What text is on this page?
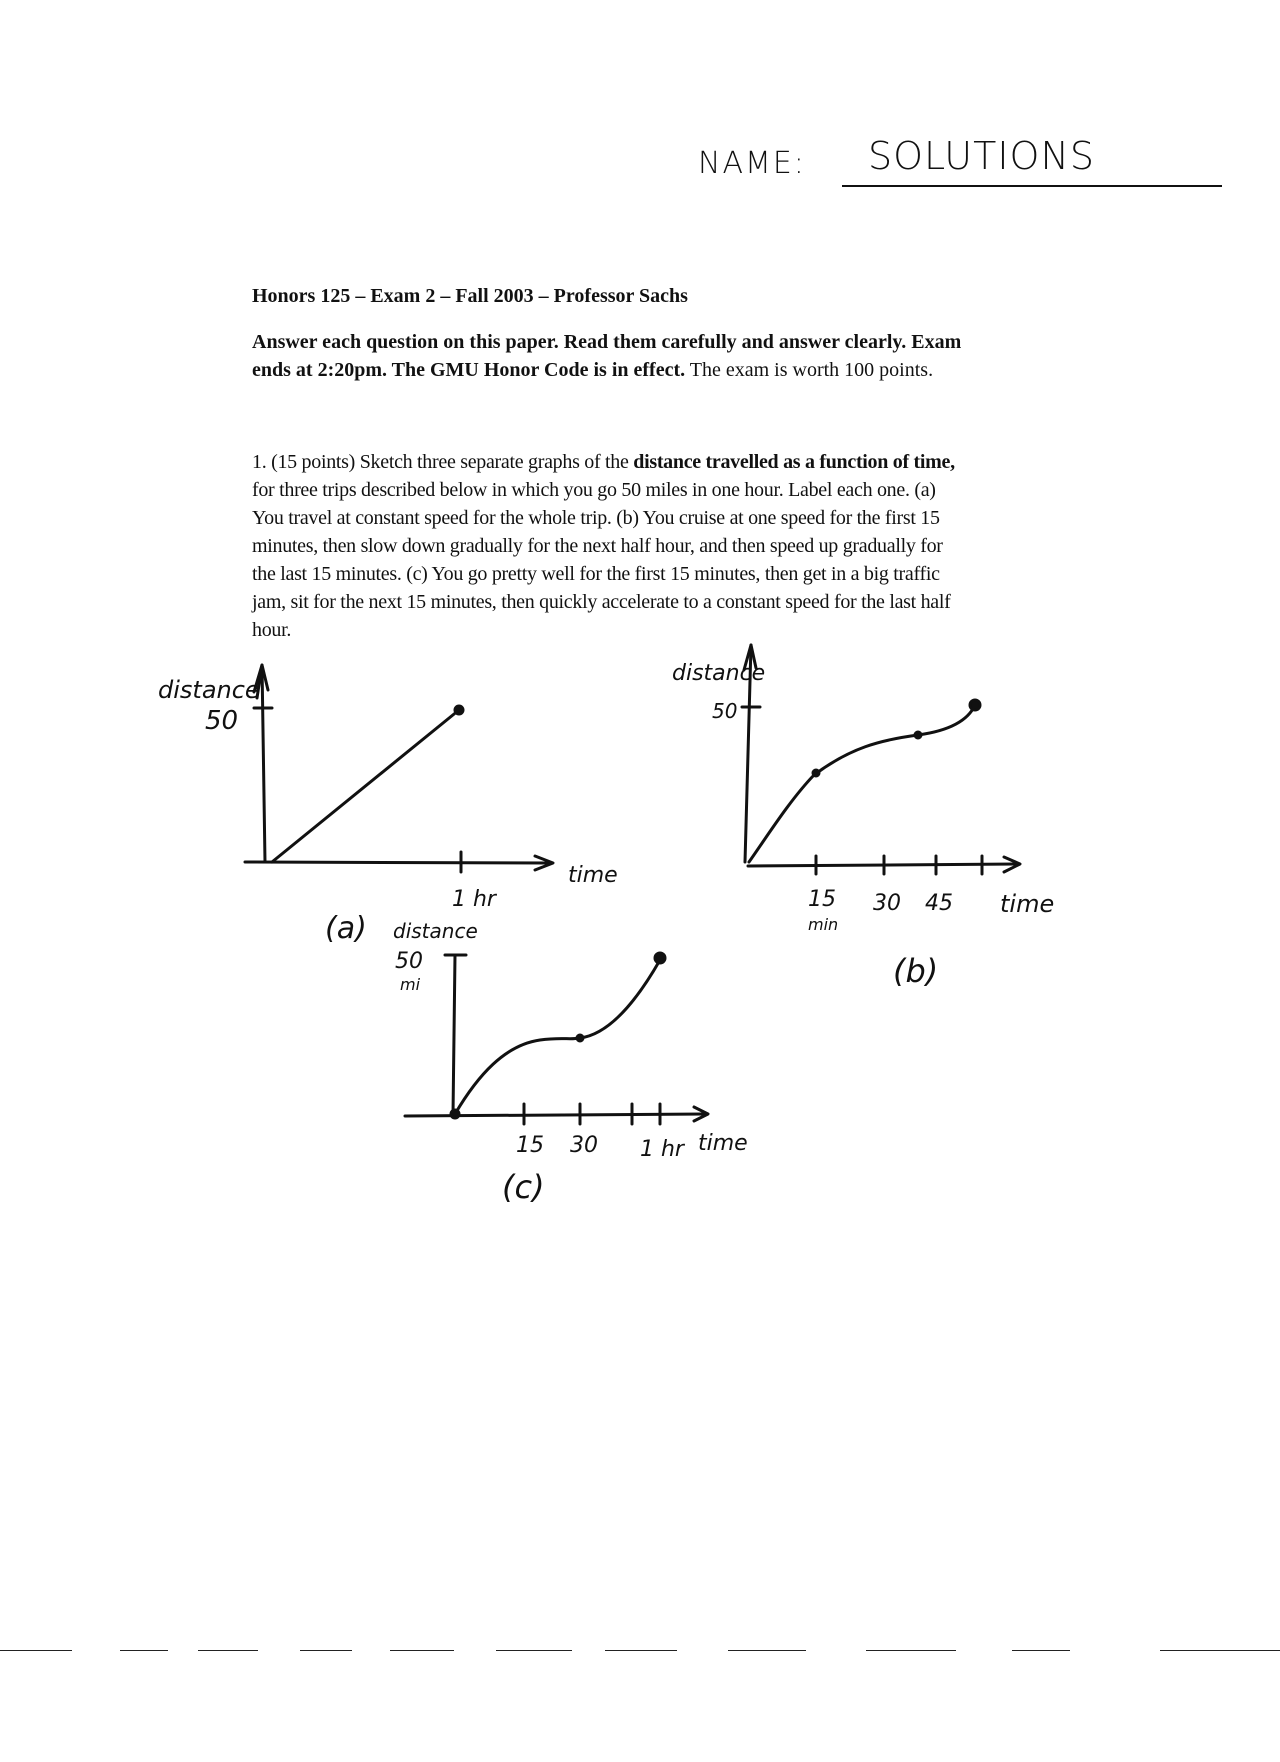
NAME: SOLUTIONS
Honors 125 – Exam 2 – Fall 2003 – Professor Sachs
Answer each question on this paper. Read them carefully and answer clearly. Exam ends at 2:20pm. The GMU Honor Code is in effect. The exam is worth 100 points.
1. (15 points) Sketch three separate graphs of the distance travelled as a function of time, for three trips described below in which you go 50 miles in one hour. Label each one. (a) You travel at constant speed for the whole trip. (b) You cruise at one speed for the first 15 minutes, then slow down gradually for the next half hour, and then speed up gradually for the last 15 minutes. (c) You go pretty well for the first 15 minutes, then get in a big traffic jam, sit for the next 15 minutes, then quickly accelerate to a constant speed for the last half hour.
distance
50
1 hr
time
(a)
distance
50
15 30 45
min
time
(b)
distance
50
mi
15 30 1 hr time
(c)
